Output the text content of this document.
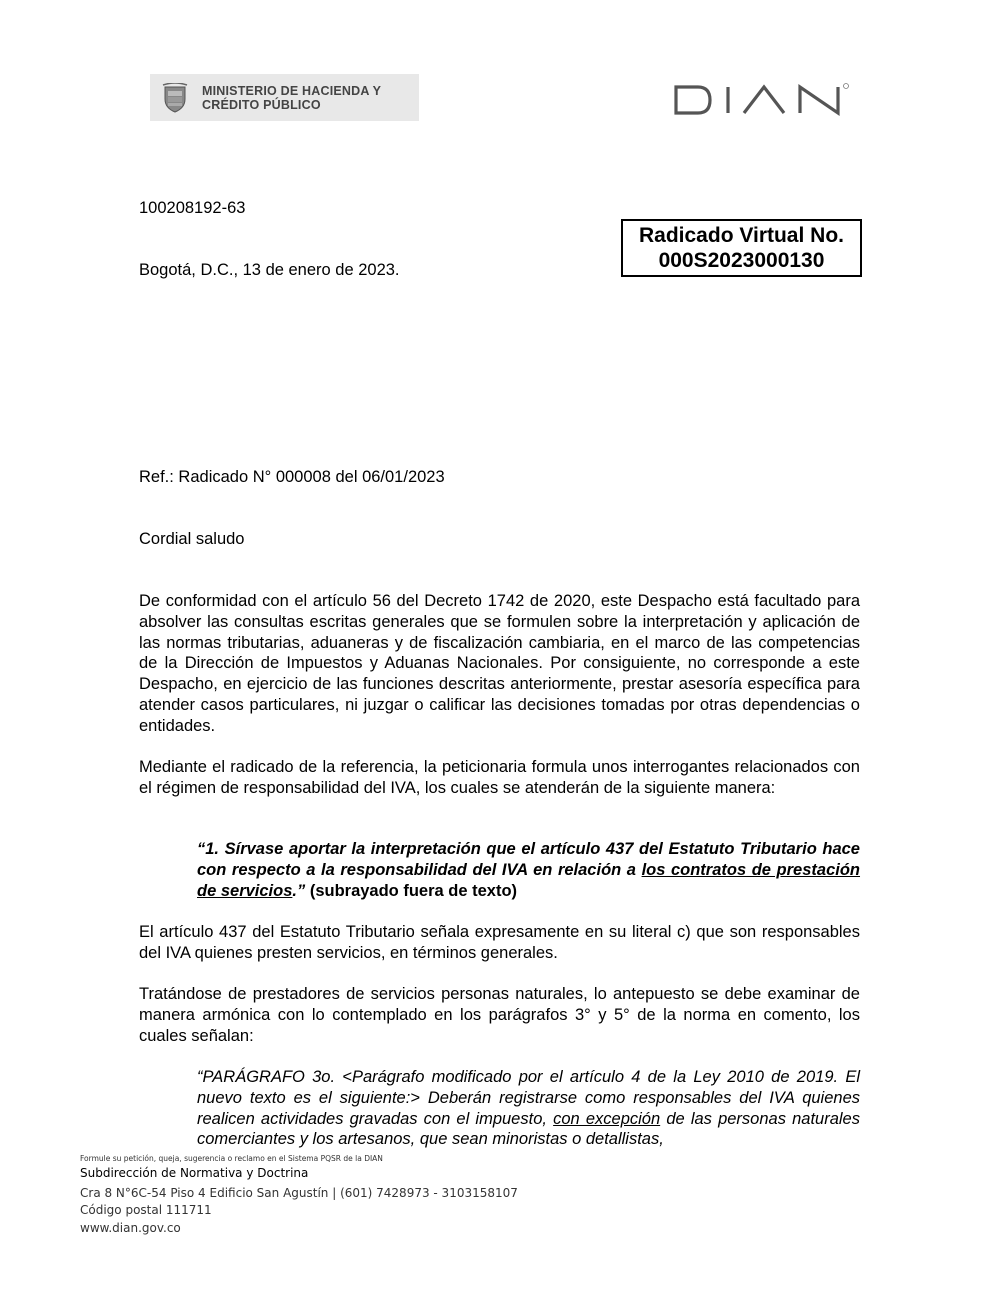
MINISTERIO DE HACIENDA Y
CRÉDITO PÚBLICO
100208192-63
Bogotá, D.C., 13 de enero de 2023.
Radicado Virtual No.
000S2023000130
Ref.: Radicado N° 000008 del 06/01/2023
Cordial saludo
De conformidad con el artículo 56 del Decreto 1742 de 2020, este Despacho está facultado para absolver las consultas escritas generales que se formulen sobre la interpretación y aplicación de las normas tributarias, aduaneras y de fiscalización cambiaria, en el marco de las competencias de la Dirección de Impuestos y Aduanas Nacionales. Por consiguiente, no corresponde a este Despacho, en ejercicio de las funciones descritas anteriormente, prestar asesoría específica para atender casos particulares, ni juzgar o calificar las decisiones tomadas por otras dependencias o entidades.
Mediante el radicado de la referencia, la peticionaria formula unos interrogantes relacionados con el régimen de responsabilidad del IVA, los cuales se atenderán de la siguiente manera:
“1. Sírvase aportar la interpretación que el artículo 437 del Estatuto Tributario hace con respecto a la responsabilidad del IVA en relación a los contratos de prestación de servicios.” (subrayado fuera de texto)
El artículo 437 del Estatuto Tributario señala expresamente en su literal c) que son responsables del IVA quienes presten servicios, en términos generales.
Tratándose de prestadores de servicios personas naturales, lo antepuesto se debe examinar de manera armónica con lo contemplado en los parágrafos 3° y 5° de la norma en comento, los cuales señalan:
“PARÁGRAFO 3o. <Parágrafo modificado por el artículo 4 de la Ley 2010 de 2019. El nuevo texto es el siguiente:> Deberán registrarse como responsables del IVA quienes realicen actividades gravadas con el impuesto, con excepción de las personas naturales comerciantes y los artesanos, que sean minoristas o detallistas,
Formule su petición, queja, sugerencia o reclamo en el Sistema PQSR de la DIAN
Subdirección de Normativa y Doctrina
Cra 8 N°6C-54 Piso 4 Edificio San Agustín | (601) 7428973 - 3103158107
Código postal 111711
www.dian.gov.co
